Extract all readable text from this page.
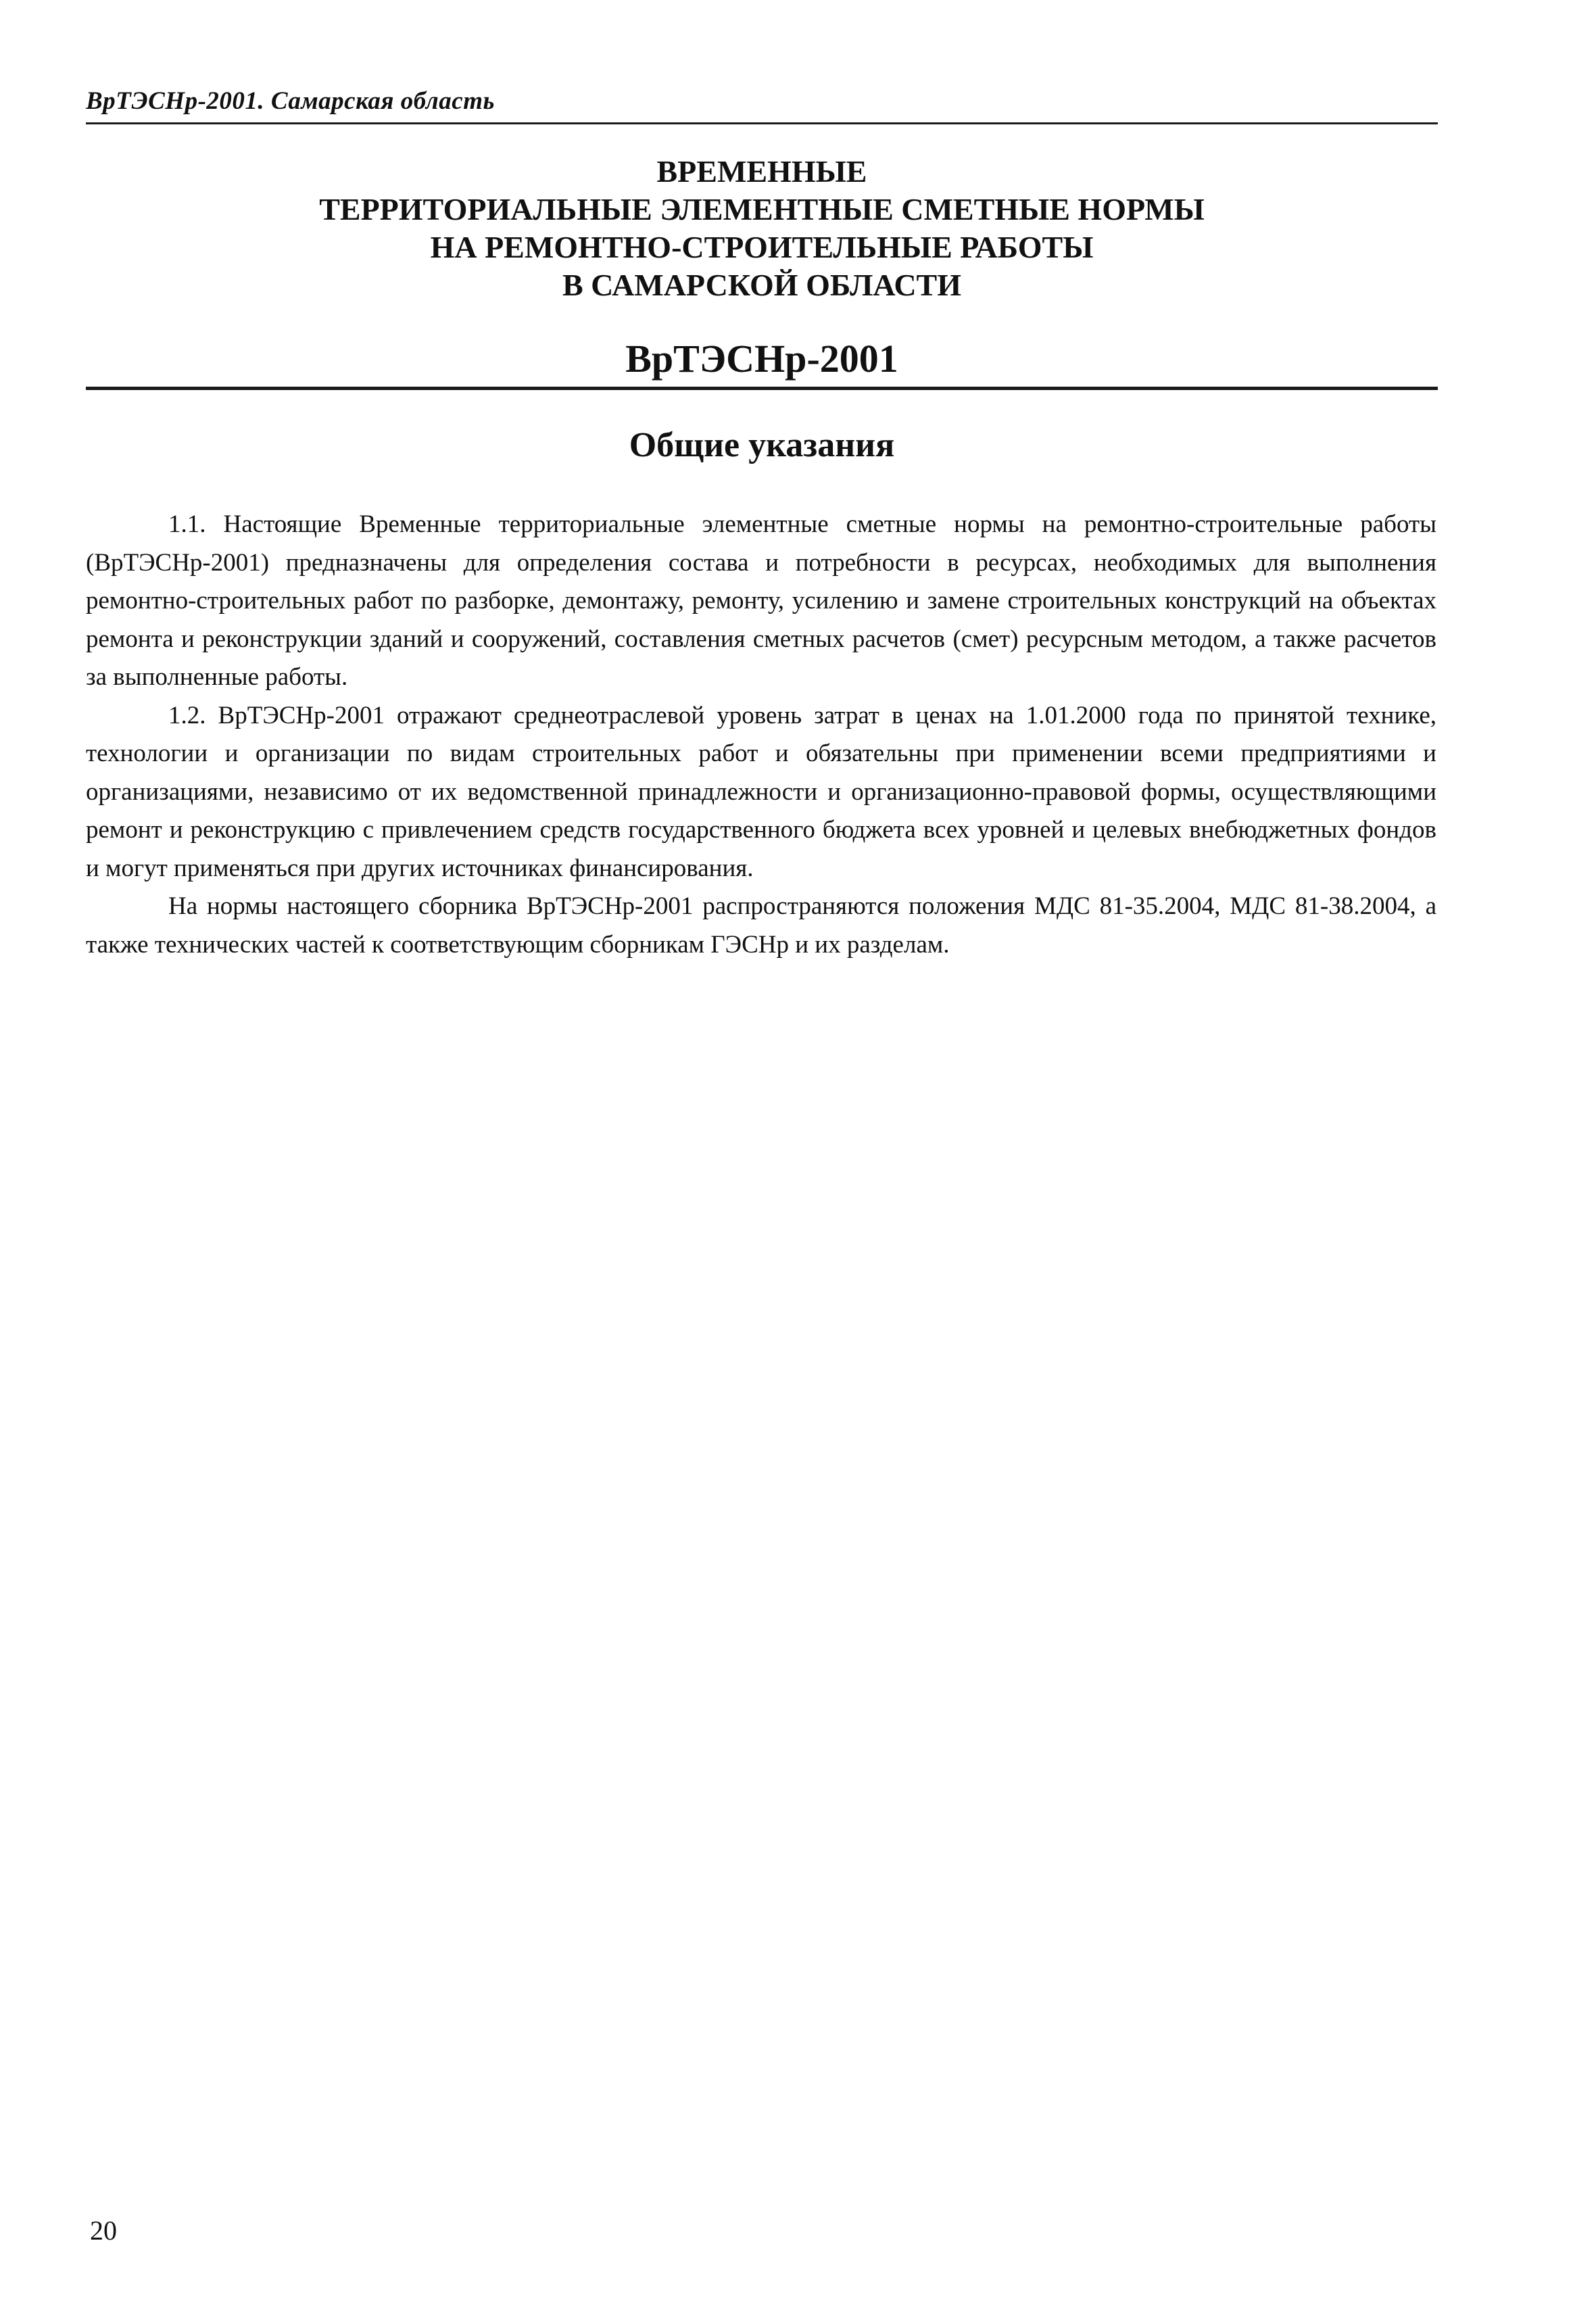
ВрТЭСНр-2001. Самарская область
ВРЕМЕННЫЕ
ТЕРРИТОРИАЛЬНЫЕ ЭЛЕМЕНТНЫЕ СМЕТНЫЕ НОРМЫ
НА РЕМОНТНО-СТРОИТЕЛЬНЫЕ РАБОТЫ
В САМАРСКОЙ ОБЛАСТИ
ВрТЭСНр-2001
Общие указания

1.1. Настоящие Временные территориальные элементные сметные нормы на ремонтно-строительные работы (ВрТЭСНр-2001) предназначены для определения состава и потребности в ресурсах, необходимых для выполнения ремонтно-строительных работ по разборке, демонтажу, ремонту, усилению и замене строительных конструкций на объектах ремонта и реконструкции зданий и сооружений, составления сметных расчетов (смет) ресурсным методом, а также расчетов за выполненные работы.

1.2. ВрТЭСНр-2001 отражают среднеотраслевой уровень затрат в ценах на 1.01.2000 года по принятой технике, технологии и организации по видам строительных работ и обязательны при применении всеми предприятиями и организациями, независимо от их ведомственной принадлежности и организационно-правовой формы, осуществляющими ремонт и реконструкцию с привлечением средств государственного бюджета всех уровней и целевых внебюджетных фондов и могут применяться при других источниках финансирования.

На нормы настоящего сборника ВрТЭСНр-2001 распространяются положения МДС 81-35.2004, МДС 81-38.2004, а также технических частей к соответствующим сборникам ГЭСНр и их разделам.

20
